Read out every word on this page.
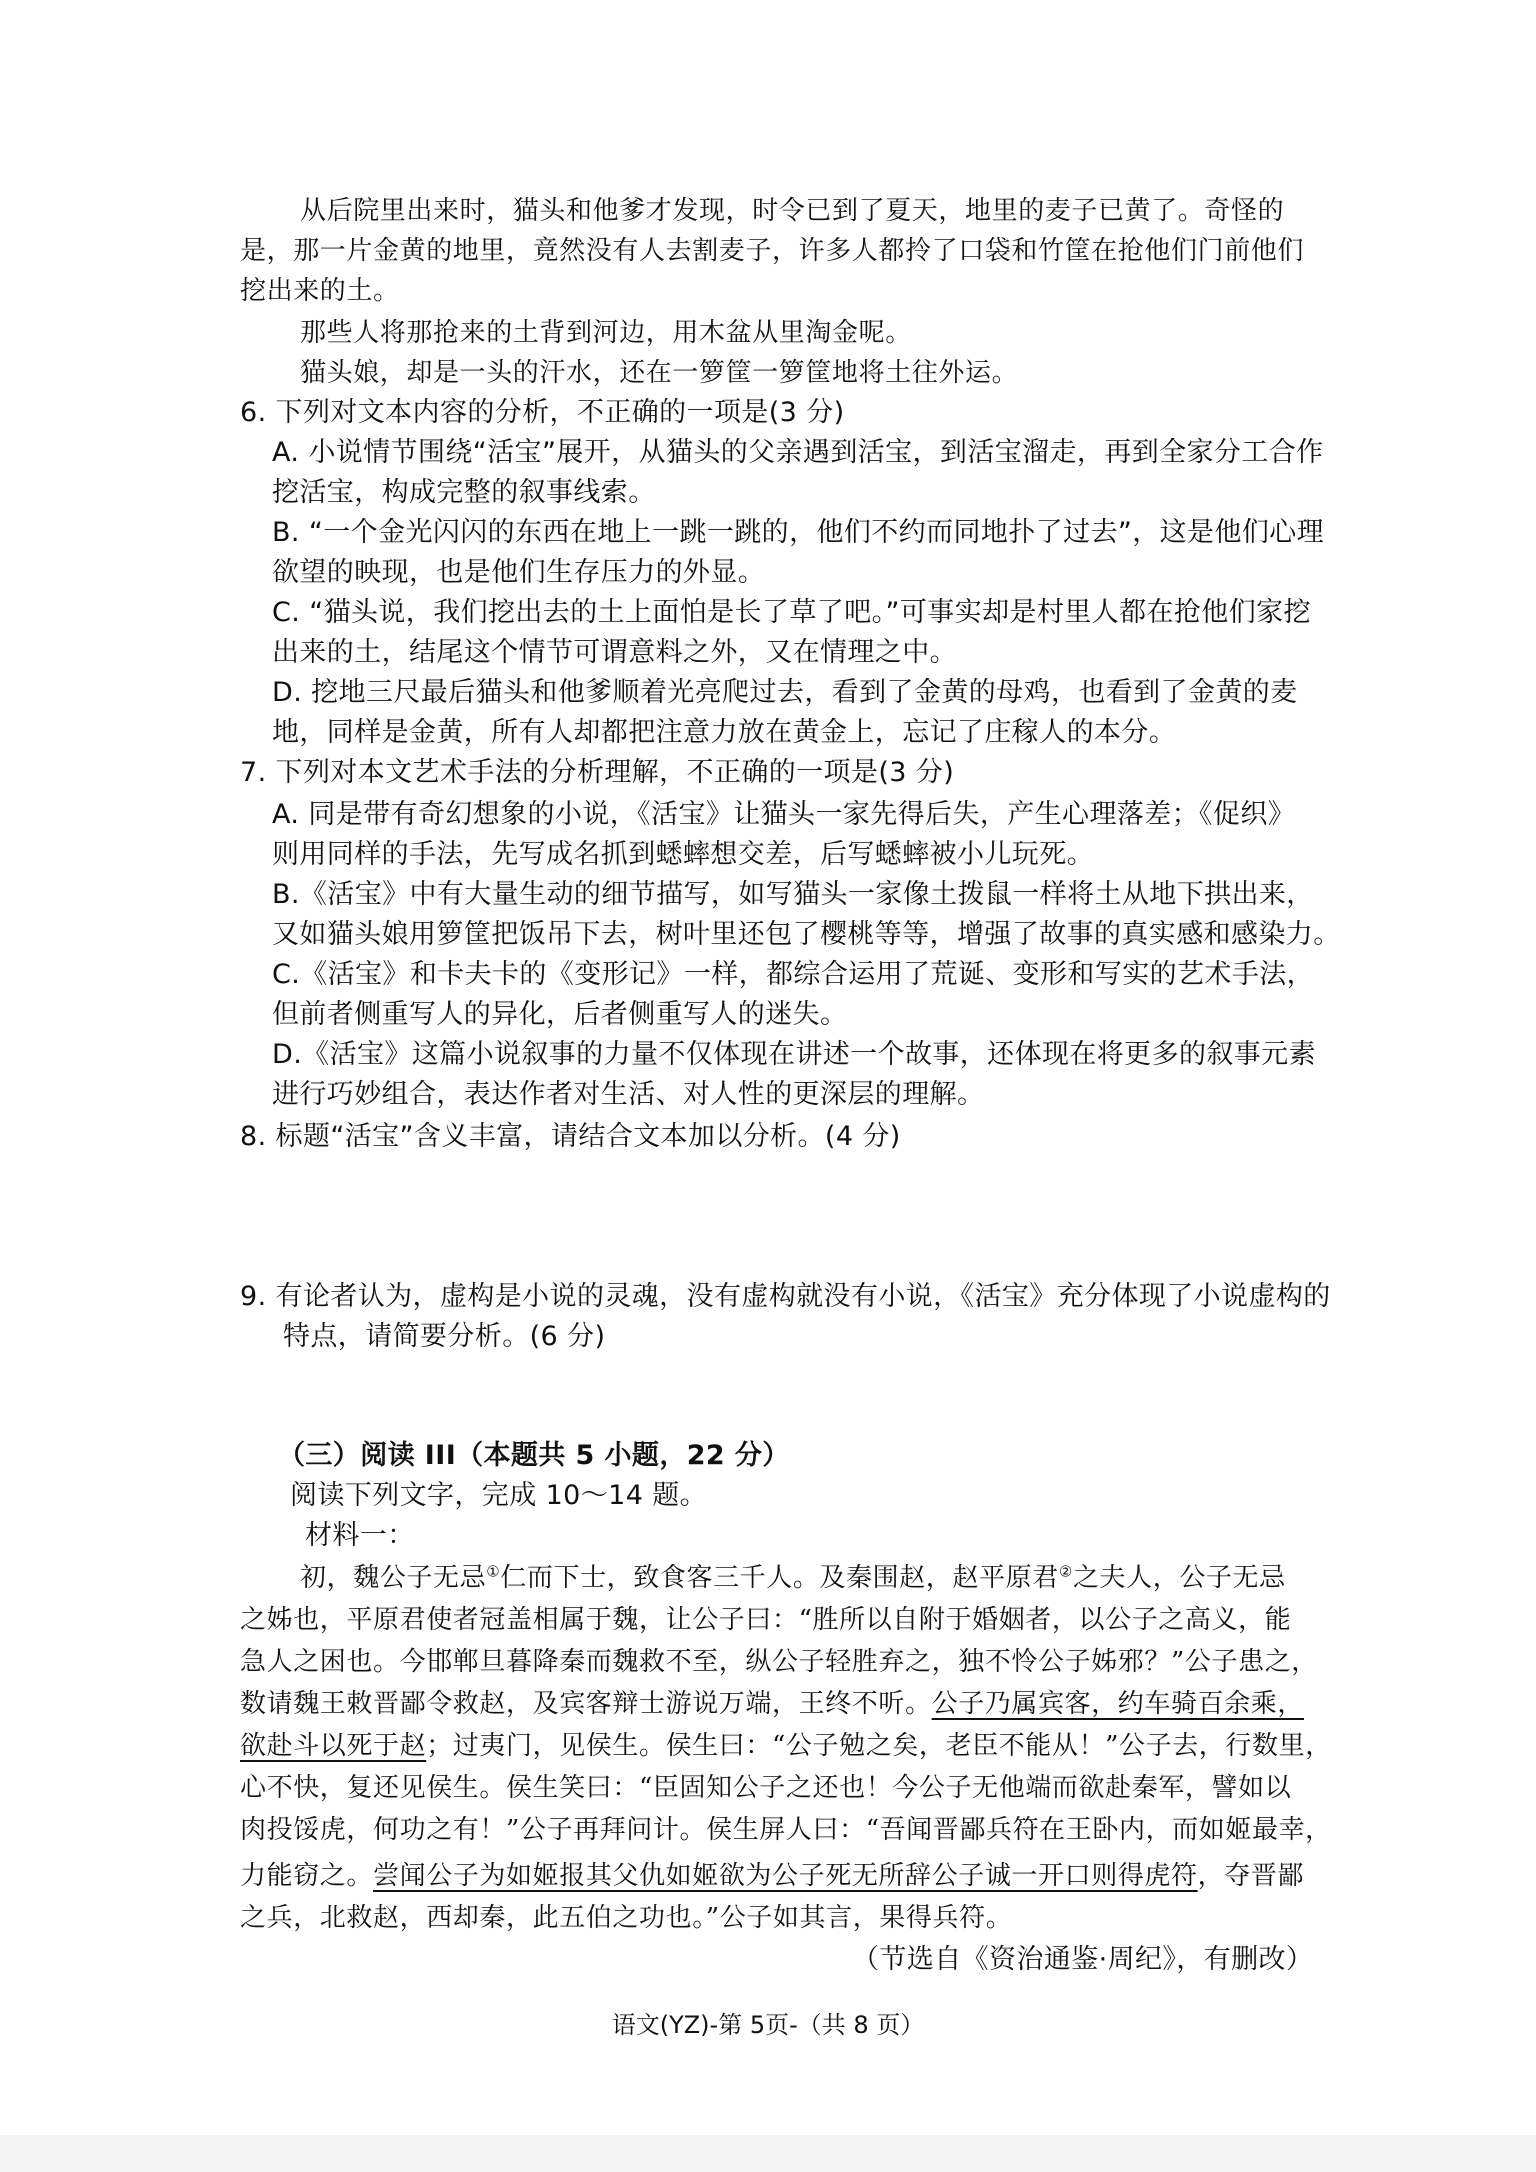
从后院里出来时，猫头和他爹才发现，时令已到了夏天，地里的麦子已黄了。奇怪的
是，那一片金黄的地里，竟然没有人去割麦子，许多人都拎了口袋和竹筐在抢他们门前他们
挖出来的土。
那些人将那抢来的土背到河边，用木盆从里淘金呢。
猫头娘，却是一头的汗水，还在一箩筐一箩筐地将土往外运。
6. 下列对文本内容的分析，不正确的一项是(3 分)
A. 小说情节围绕“活宝”展开，从猫头的父亲遇到活宝，到活宝溜走，再到全家分工合作
挖活宝，构成完整的叙事线索。
B. “一个金光闪闪的东西在地上一跳一跳的，他们不约而同地扑了过去”，这是他们心理
欲望的映现，也是他们生存压力的外显。
C. “猫头说，我们挖出去的土上面怕是长了草了吧。”可事实却是村里人都在抢他们家挖
出来的土，结尾这个情节可谓意料之外，又在情理之中。
D. 挖地三尺最后猫头和他爹顺着光亮爬过去，看到了金黄的母鸡，也看到了金黄的麦
地，同样是金黄，所有人却都把注意力放在黄金上，忘记了庄稼人的本分。
7. 下列对本文艺术手法的分析理解，不正确的一项是(3 分)
A. 同是带有奇幻想象的小说，《活宝》让猫头一家先得后失，产生心理落差；《促织》
则用同样的手法，先写成名抓到蟋蟀想交差，后写蟋蟀被小儿玩死。
B.《活宝》中有大量生动的细节描写，如写猫头一家像土拨鼠一样将土从地下拱出来，
又如猫头娘用箩筐把饭吊下去，树叶里还包了樱桃等等，增强了故事的真实感和感染力。
C.《活宝》和卡夫卡的《变形记》一样，都综合运用了荒诞、变形和写实的艺术手法，
但前者侧重写人的异化，后者侧重写人的迷失。
D.《活宝》这篇小说叙事的力量不仅体现在讲述一个故事，还体现在将更多的叙事元素
进行巧妙组合，表达作者对生活、对人性的更深层的理解。
8. 标题“活宝”含义丰富，请结合文本加以分析。(4 分)
9. 有论者认为，虚构是小说的灵魂，没有虚构就没有小说，《活宝》充分体现了小说虚构的
特点，请简要分析。(6 分)
（三）阅读 III（本题共 5 小题，22 分）
阅读下列文字，完成 10～14 题。
材料一：
初，魏公子无忌①仁而下士，致食客三千人。及秦围赵，赵平原君②之夫人，公子无忌
之姊也，平原君使者冠盖相属于魏，让公子曰：“胜所以自附于婚姻者，以公子之高义，能
急人之困也。今邯郸旦暮降秦而魏救不至，纵公子轻胜弃之，独不怜公子姊邪？”公子患之，
数请魏王敕晋鄙令救赵，及宾客辩士游说万端，王终不听。公子乃属宾客，约车骑百余乘，
欲赴斗以死于赵；过夷门，见侯生。侯生曰：“公子勉之矣，老臣不能从！”公子去，行数里，
心不快，复还见侯生。侯生笑曰：“臣固知公子之还也！今公子无他端而欲赴秦军，譬如以
肉投馁虎，何功之有！”公子再拜问计。侯生屏人曰：“吾闻晋鄙兵符在王卧内，而如姬最幸，
力能窃之。尝闻公子为如姬报其父仇如姬欲为公子死无所辞公子诚一开口则得虎符，夺晋鄙
之兵，北救赵，西却秦，此五伯之功也。”公子如其言，果得兵符。
（节选自《资治通鉴·周纪》，有删改）
语文(YZ)-第 5页-（共 8 页）
